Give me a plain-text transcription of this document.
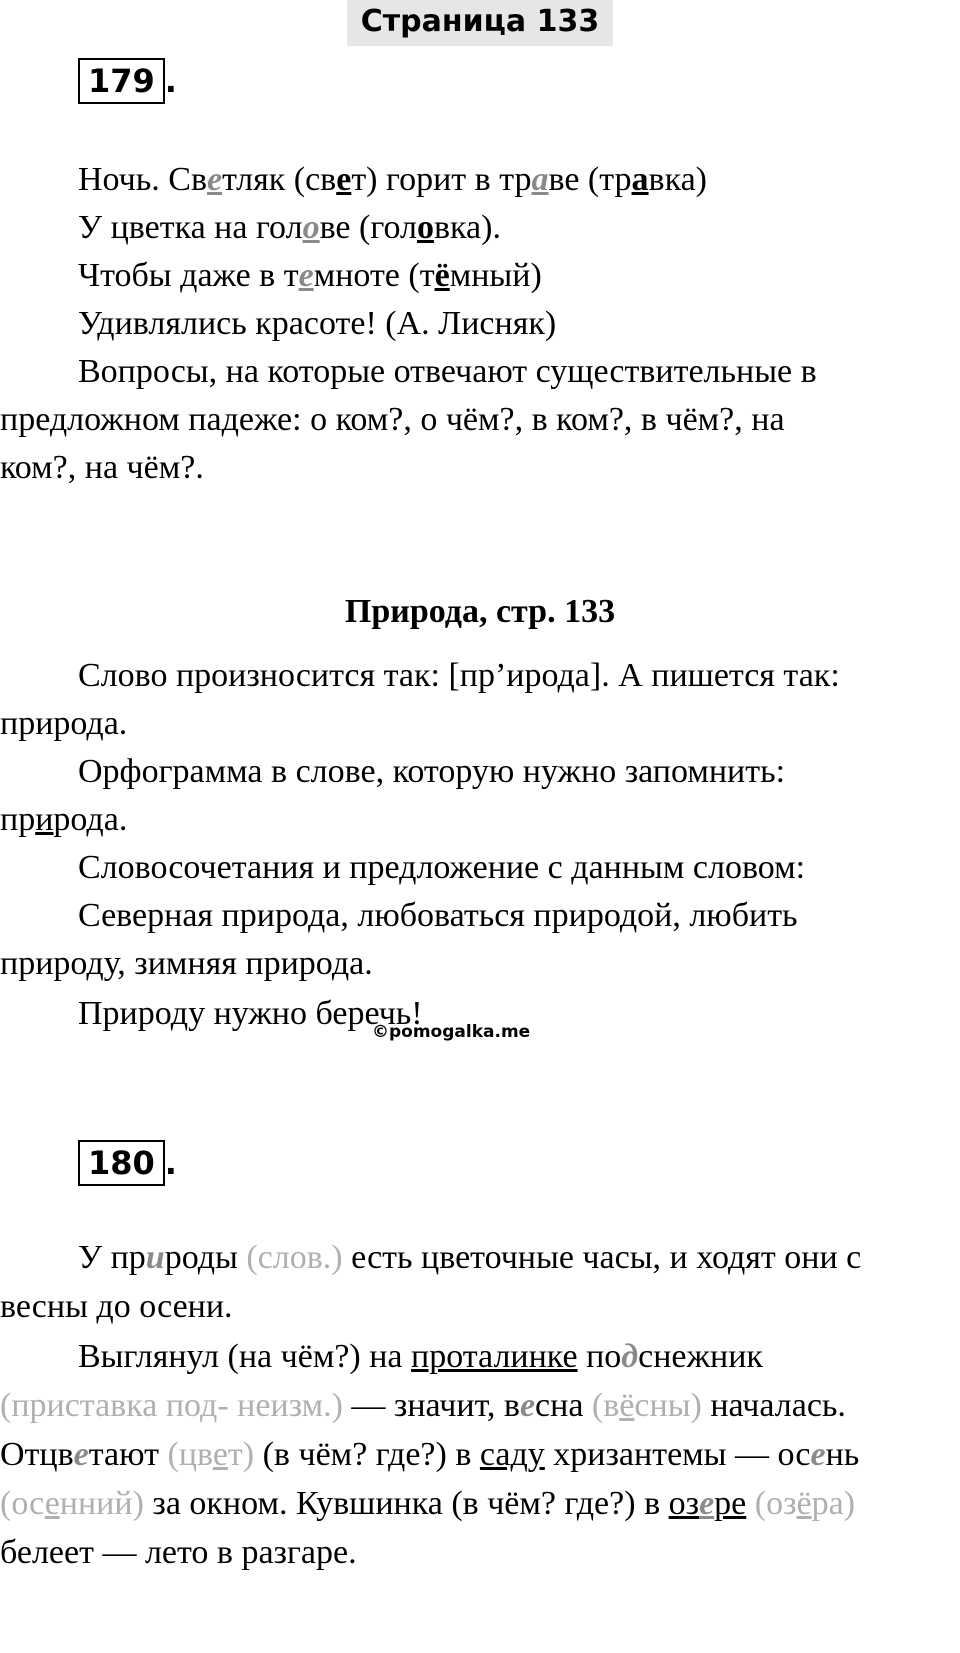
Страница 133
179 .
Ночь. Светляк (свет) горит в траве (травка)
У цветка на голове (головка).
Чтобы даже в темноте (тёмный)
Удивлялись красоте! (А. Лисняк)
Вопросы, на которые отвечают существительные в
предложном падеже: о ком?, о чём?, в ком?, в чём?, на
ком?, на чём?.
Природа, стр. 133
Слово произносится так: [пр’ирода]. А пишется так:
природа.
Орфограмма в слове, которую нужно запомнить:
природа.
Словосочетания и предложение с данным словом:
Северная природа, любоваться природой, любить
природу, зимняя природа.
Природу нужно беречь!
©pomogalka.me
180 .
У природы (слов.) есть цветочные часы, и ходят они с
весны до осени.
Выглянул (на чём?) на проталинке подснежник
(приставка под- неизм.) — значит, весна (вёсны) началась.
Отцветают (цвет) (в чём? где?) в саду хризантемы — осень
(осенний) за окном. Кувшинка (в чём? где?) в озере (озёра)
белеет — лето в разгаре.
